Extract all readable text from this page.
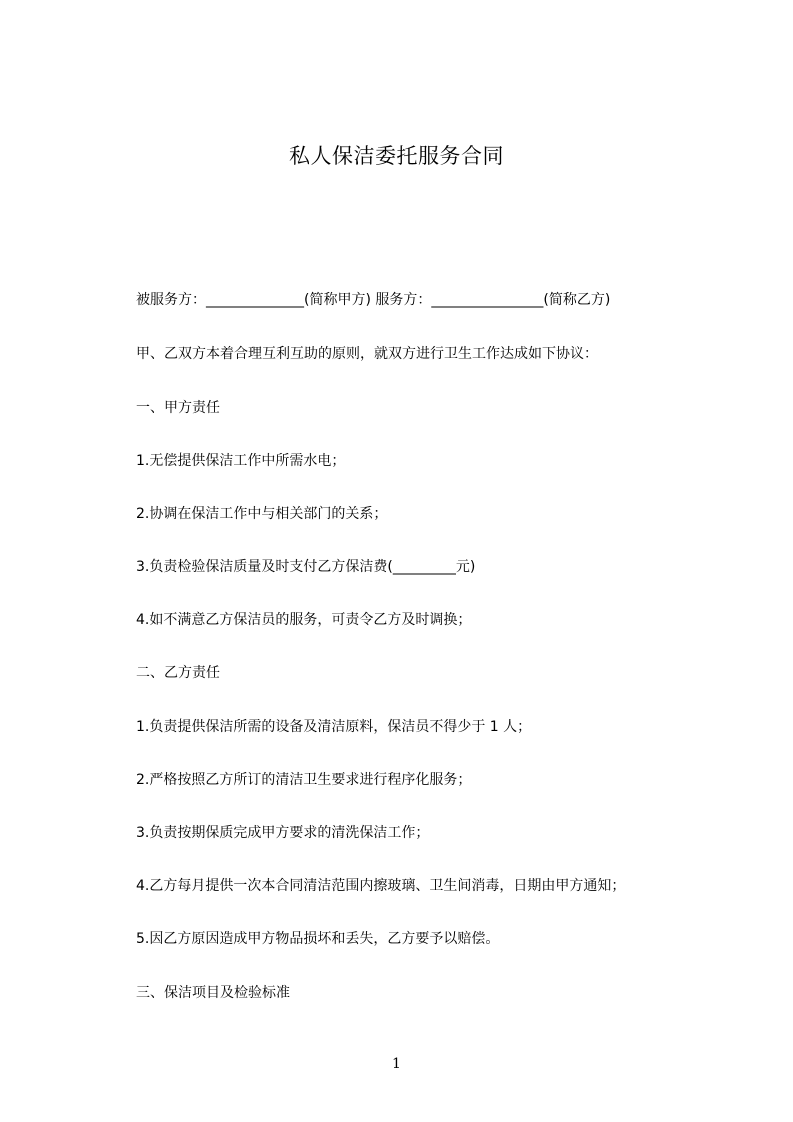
私人保洁委托服务合同
被服务方：______________(简称甲方) 服务方：________________(简称乙方)
甲、乙双方本着合理互利互助的原则，就双方进行卫生工作达成如下协议：
一、甲方责任
1.无偿提供保洁工作中所需水电；
2.协调在保洁工作中与相关部门的关系；
3.负责检验保洁质量及时支付乙方保洁费(_________元)
4.如不满意乙方保洁员的服务，可责令乙方及时调换；
二、乙方责任
1.负责提供保洁所需的设备及清洁原料，保洁员不得少于 1 人；
2.严格按照乙方所订的清洁卫生要求进行程序化服务；
3.负责按期保质完成甲方要求的清洗保洁工作；
4.乙方每月提供一次本合同清洁范围内擦玻璃、卫生间消毒，日期由甲方通知；
5.因乙方原因造成甲方物品损坏和丢失，乙方要予以赔偿。
三、保洁项目及检验标准
1
